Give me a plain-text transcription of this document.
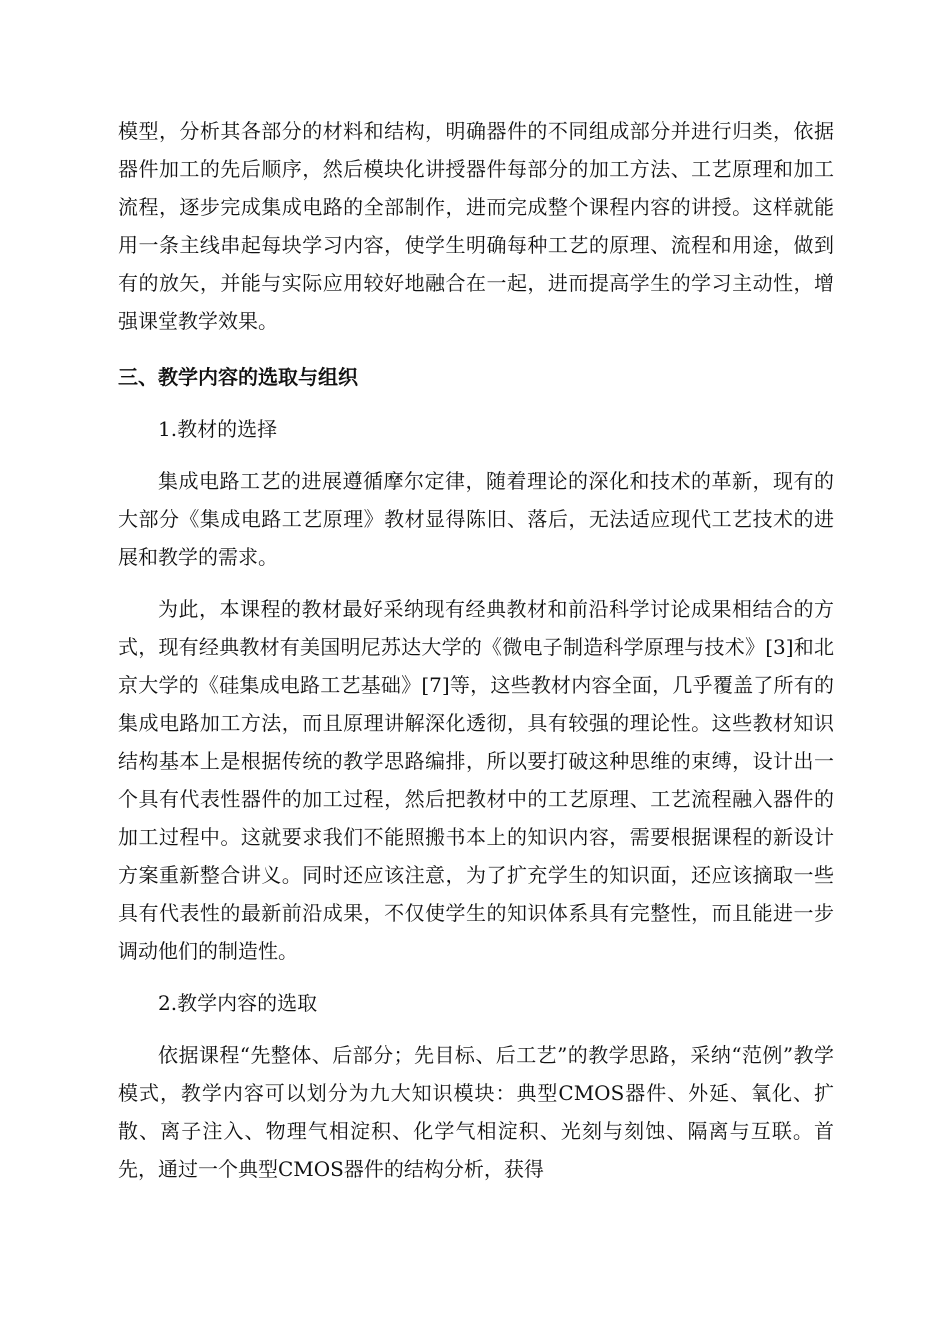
模型，分析其各部分的材料和结构，明确器件的不同组成部分并进行归类，依据器件加工的先后顺序，然后模块化讲授器件每部分的加工方法、工艺原理和加工流程，逐步完成集成电路的全部制作，进而完成整个课程内容的讲授。这样就能用一条主线串起每块学习内容，使学生明确每种工艺的原理、流程和用途，做到有的放矢，并能与实际应用较好地融合在一起，进而提高学生的学习主动性，增强课堂教学效果。

三、教学内容的选取与组织

1.教材的选择

集成电路工艺的进展遵循摩尔定律，随着理论的深化和技术的革新，现有的大部分《集成电路工艺原理》教材显得陈旧、落后，无法适应现代工艺技术的进展和教学的需求。

为此，本课程的教材最好采纳现有经典教材和前沿科学讨论成果相结合的方式，现有经典教材有美国明尼苏达大学的《微电子制造科学原理与技术》[3]和北京大学的《硅集成电路工艺基础》[7]等，这些教材内容全面，几乎覆盖了所有的集成电路加工方法，而且原理讲解深化透彻，具有较强的理论性。这些教材知识结构基本上是根据传统的教学思路编排，所以要打破这种思维的束缚，设计出一个具有代表性器件的加工过程，然后把教材中的工艺原理、工艺流程融入器件的加工过程中。这就要求我们不能照搬书本上的知识内容，需要根据课程的新设计方案重新整合讲义。同时还应该注意，为了扩充学生的知识面，还应该摘取一些具有代表性的最新前沿成果，不仅使学生的知识体系具有完整性，而且能进一步调动他们的制造性。

2.教学内容的选取

依据课程“先整体、后部分；先目标、后工艺”的教学思路，采纳“范例”教学模式，教学内容可以划分为九大知识模块：典型CMOS器件、外延、氧化、扩散、离子注入、物理气相淀积、化学气相淀积、光刻与刻蚀、隔离与互联。首先，通过一个典型CMOS器件的结构分析，获得
